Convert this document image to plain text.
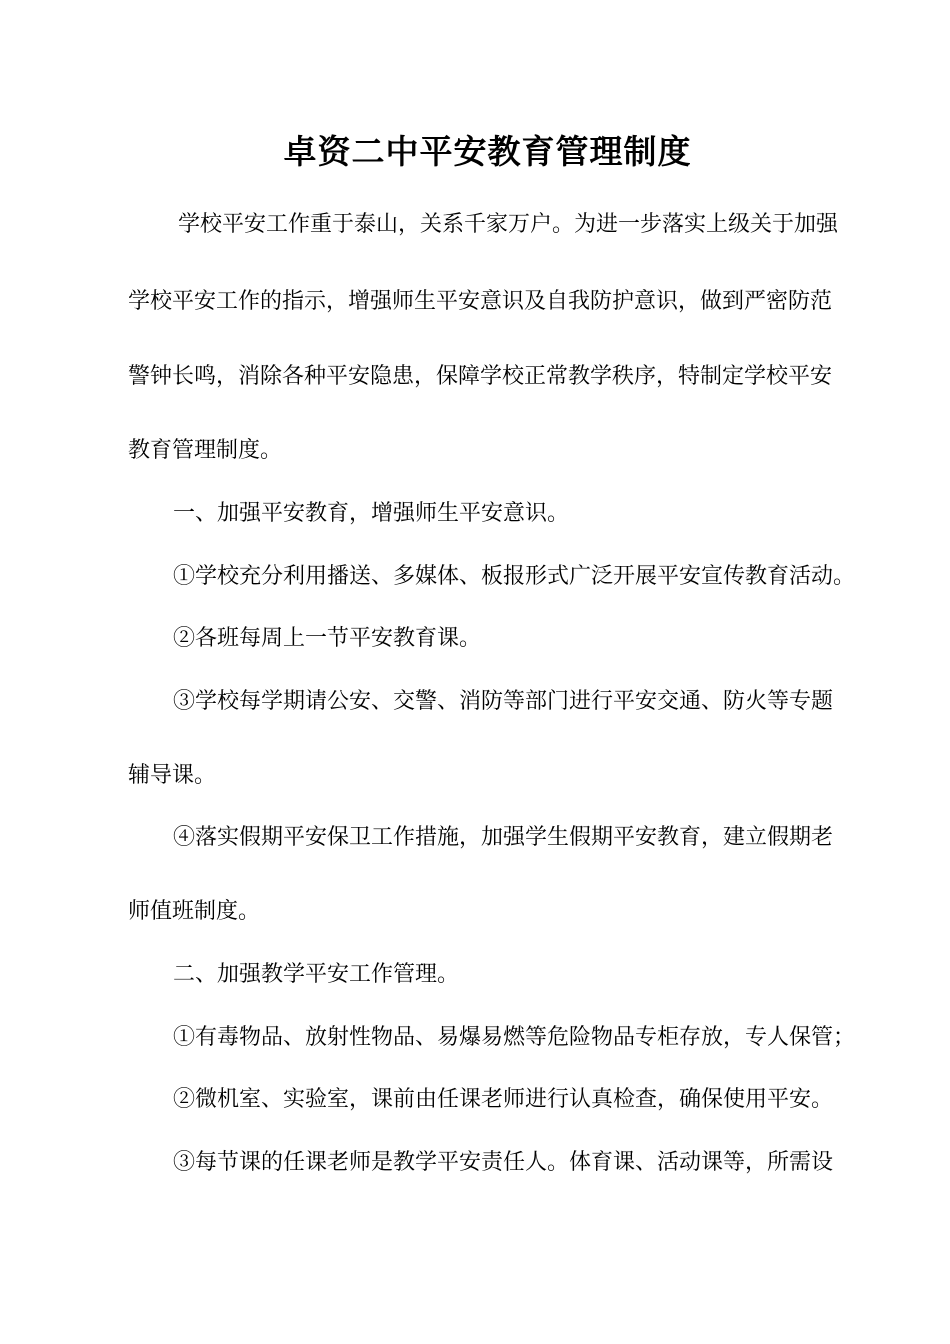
卓资二中平安教育管理制度

学校平安工作重于泰山，关系千家万户。为进一步落实上级关于加强

学校平安工作的指示，增强师生平安意识及自我防护意识，做到严密防范

警钟长鸣，消除各种平安隐患，保障学校正常教学秩序，特制定学校平安

教育管理制度。

一、加强平安教育，增强师生平安意识。

①学校充分利用播送、多媒体、板报形式广泛开展平安宣传教育活动。

②各班每周上一节平安教育课。

③学校每学期请公安、交警、消防等部门进行平安交通、防火等专题

辅导课。

④落实假期平安保卫工作措施，加强学生假期平安教育，建立假期老

师值班制度。

二、加强教学平安工作管理。

①有毒物品、放射性物品、易爆易燃等危险物品专柜存放，专人保管；

②微机室、实验室，课前由任课老师进行认真检查，确保使用平安。

③每节课的任课老师是教学平安责任人。体育课、活动课等，所需设
